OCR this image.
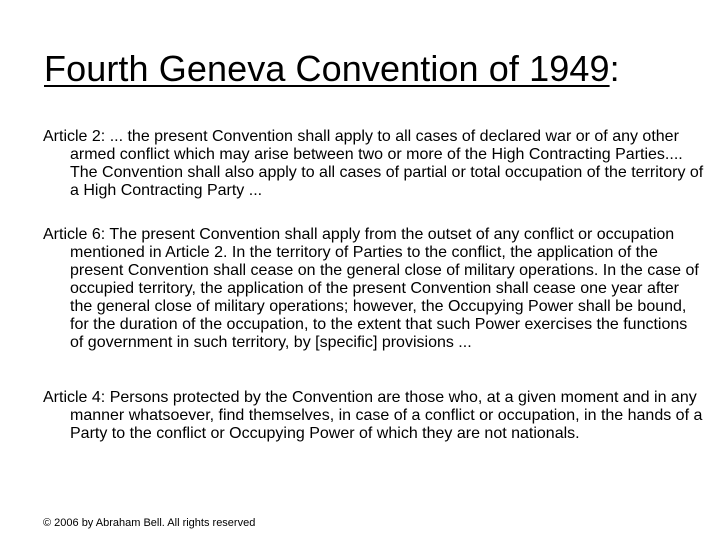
Fourth Geneva Convention of 1949:
Article 2: ... the present Convention shall apply to all cases of declared war or of any other armed conflict which may arise between two or more of the High Contracting Parties.... The Convention shall also apply to all cases of partial or total occupation of the territory of a High Contracting Party ...
Article 6: The present Convention shall apply from the outset of any conflict or occupation mentioned in Article 2. In the territory of Parties to the conflict, the application of the present Convention shall cease on the general close of military operations. In the case of occupied territory, the application of the present Convention shall cease one year after the general close of military operations; however, the Occupying Power shall be bound, for the duration of the occupation, to the extent that such Power exercises the functions of government in such territory, by [specific] provisions ...
Article 4: Persons protected by the Convention are those who, at a given moment and in any manner whatsoever, find themselves, in case of a conflict or occupation, in the hands of a Party to the conflict or Occupying Power of which they are not nationals.
© 2006 by Abraham Bell. All rights reserved
